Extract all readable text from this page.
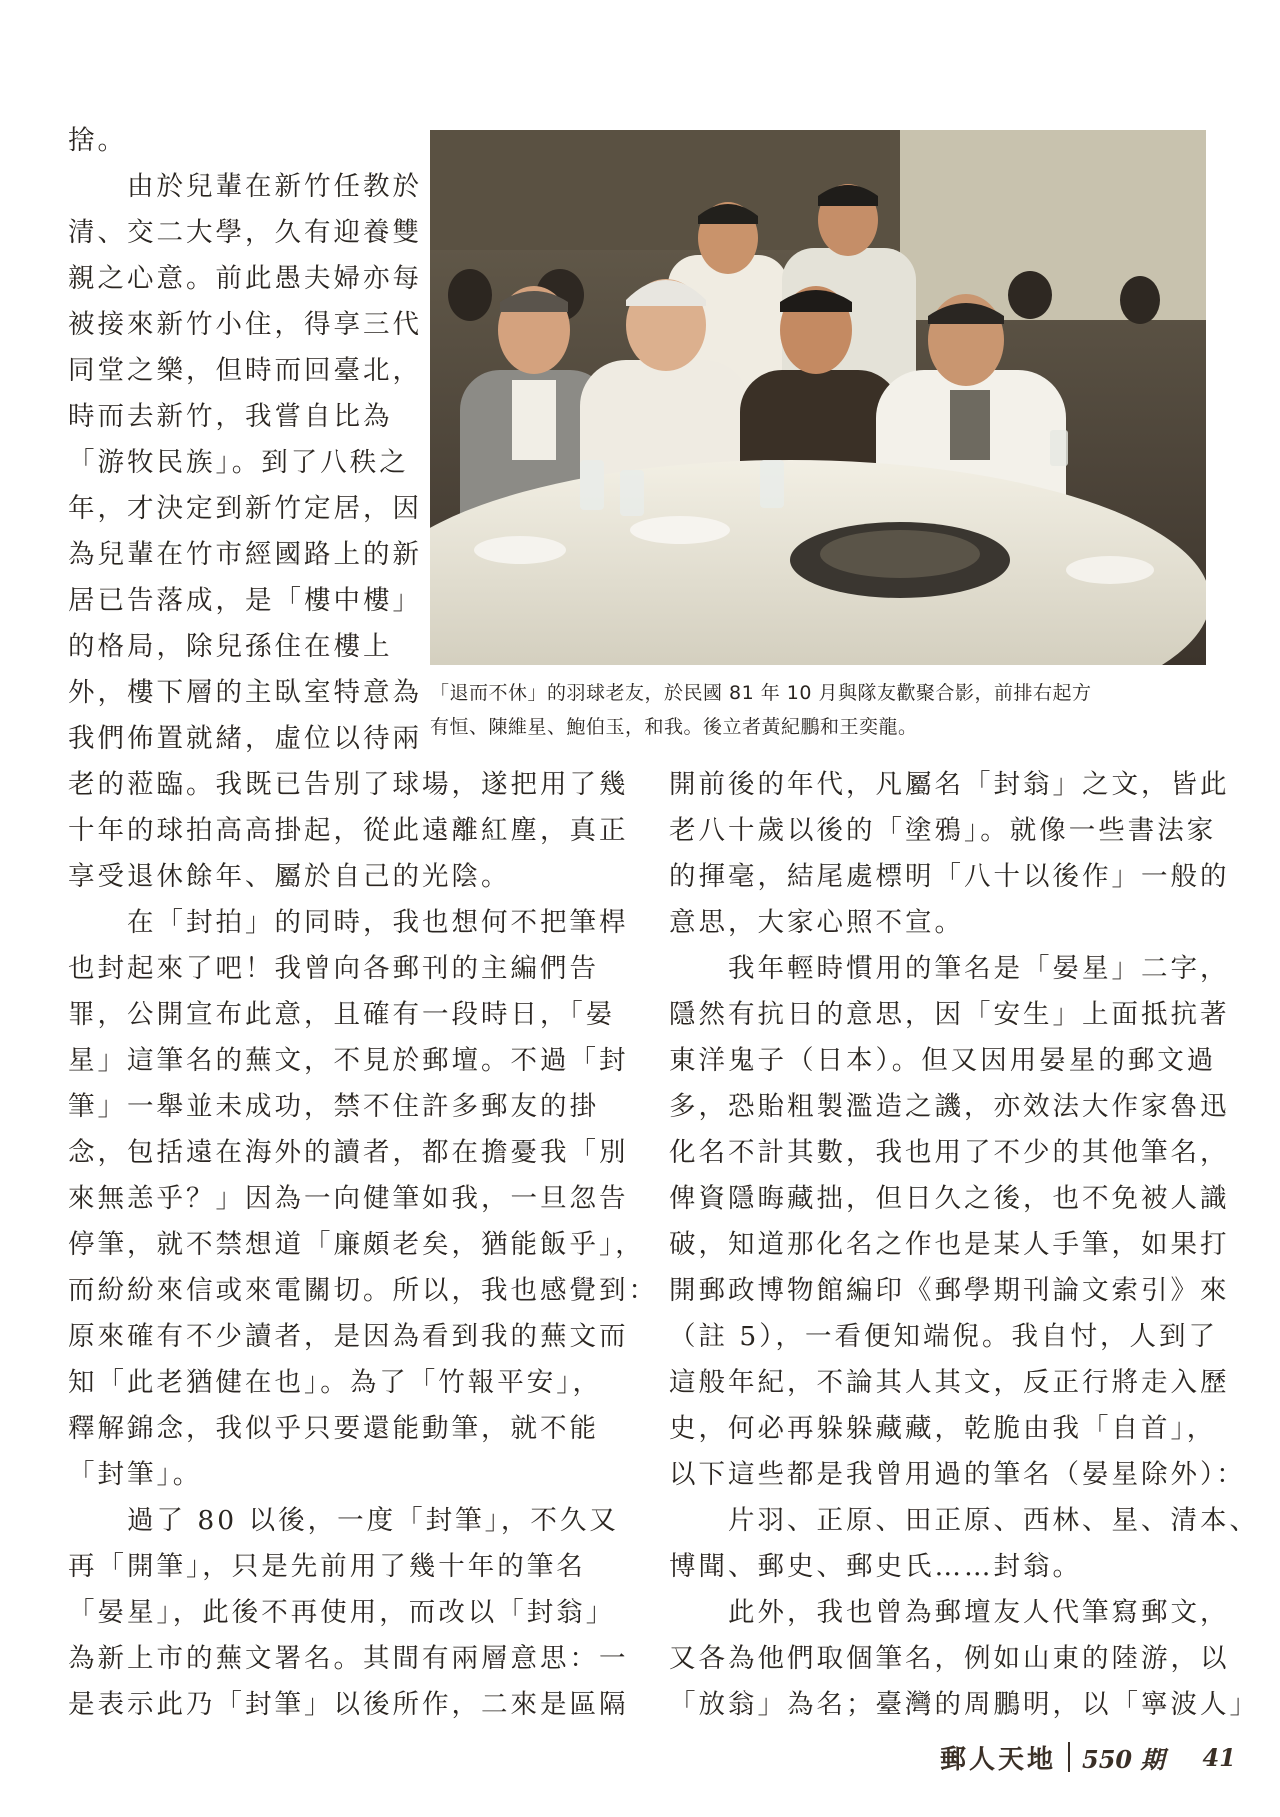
捨。
　　由於兒輩在新竹任教於
清、交二大學，久有迎養雙
親之心意。前此愚夫婦亦每
被接來新竹小住，得享三代
同堂之樂，但時而回臺北，
時而去新竹，我嘗自比為
「游牧民族」。到了八秩之
年，才決定到新竹定居，因
為兒輩在竹市經國路上的新
居已告落成，是「樓中樓」
的格局，除兒孫住在樓上
外，樓下層的主臥室特意為
我們佈置就緒，虛位以待兩
「退而不休」的羽球老友，於民國 81 年 10 月與隊友歡聚合影，前排右起方
有恒、陳維星、鮑伯玉，和我。後立者黃紀鵬和王奕龍。
老的蒞臨。我既已告別了球場，遂把用了幾
十年的球拍高高掛起，從此遠離紅塵，真正
享受退休餘年、屬於自己的光陰。
　　在「封拍」的同時，我也想何不把筆桿
也封起來了吧！我曾向各郵刊的主編們告
罪，公開宣布此意，且確有一段時日，「晏
星」這筆名的蕪文，不見於郵壇。不過「封
筆」一舉並未成功，禁不住許多郵友的掛
念，包括遠在海外的讀者，都在擔憂我「別
來無恙乎？」因為一向健筆如我，一旦忽告
停筆，就不禁想道「廉頗老矣，猶能飯乎」，
而紛紛來信或來電關切。所以，我也感覺到：
原來確有不少讀者，是因為看到我的蕪文而
知「此老猶健在也」。為了「竹報平安」，
釋解錦念，我似乎只要還能動筆，就不能
「封筆」。
　　過了 80 以後，一度「封筆」，不久又
再「開筆」，只是先前用了幾十年的筆名
「晏星」，此後不再使用，而改以「封翁」
為新上市的蕪文署名。其間有兩層意思：一
是表示此乃「封筆」以後所作，二來是區隔
開前後的年代，凡屬名「封翁」之文，皆此
老八十歲以後的「塗鴉」。就像一些書法家
的揮毫，結尾處標明「八十以後作」一般的
意思，大家心照不宣。
　　我年輕時慣用的筆名是「晏星」二字，
隱然有抗日的意思，因「安生」上面抵抗著
東洋鬼子（日本）。但又因用晏星的郵文過
多，恐貽粗製濫造之譏，亦效法大作家魯迅
化名不計其數，我也用了不少的其他筆名，
俾資隱晦藏拙，但日久之後，也不免被人識
破，知道那化名之作也是某人手筆，如果打
開郵政博物館編印《郵學期刊論文索引》來
（註 5），一看便知端倪。我自忖，人到了
這般年紀，不論其人其文，反正行將走入歷
史，何必再躲躲藏藏，乾脆由我「自首」，
以下這些都是我曾用過的筆名（晏星除外）：
　　片羽、正原、田正原、西林、星、清本、
博聞、郵史、郵史氏……封翁。
　　此外，我也曾為郵壇友人代筆寫郵文，
又各為他們取個筆名，例如山東的陸游，以
「放翁」為名；臺灣的周鵬明，以「寧波人」
郵人天地 550 期 41
